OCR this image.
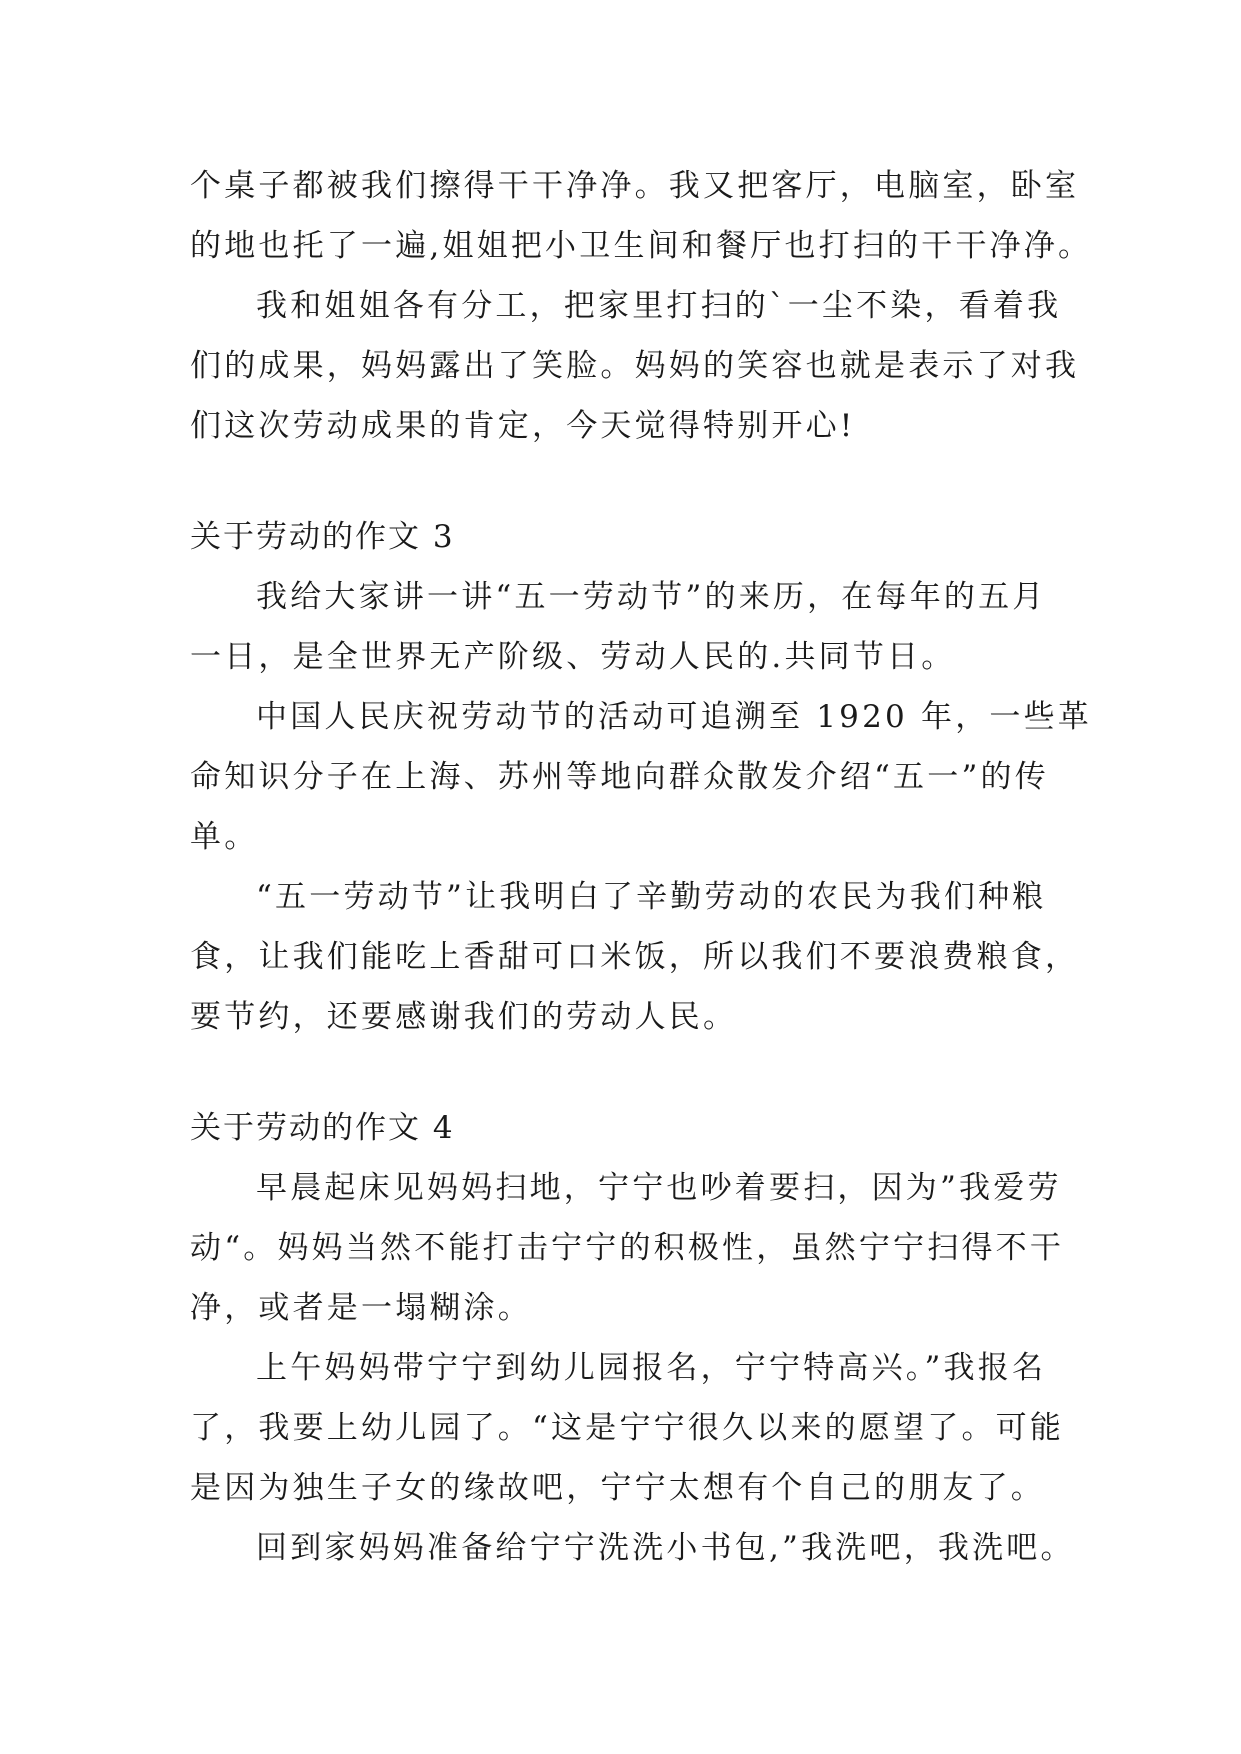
个桌子都被我们擦得干干净净。我又把客厅，电脑室，卧室

的地也托了一遍,姐姐把小卫生间和餐厅也打扫的干干净净。

我和姐姐各有分工，把家里打扫的`一尘不染，看着我

们的成果，妈妈露出了笑脸。妈妈的笑容也就是表示了对我

们这次劳动成果的肯定，今天觉得特别开心!

关于劳动的作文 3

我给大家讲一讲“五一劳动节”的来历，在每年的五月

一日，是全世界无产阶级、劳动人民的.共同节日。

中国人民庆祝劳动节的活动可追溯至 1920 年，一些革

命知识分子在上海、苏州等地向群众散发介绍“五一”的传

单。

“五一劳动节”让我明白了辛勤劳动的农民为我们种粮

食，让我们能吃上香甜可口米饭，所以我们不要浪费粮食，

要节约，还要感谢我们的劳动人民。

关于劳动的作文 4

早晨起床见妈妈扫地，宁宁也吵着要扫，因为”我爱劳

动“。妈妈当然不能打击宁宁的积极性，虽然宁宁扫得不干

净，或者是一塌糊涂。

上午妈妈带宁宁到幼儿园报名，宁宁特高兴。”我报名

了，我要上幼儿园了。“这是宁宁很久以来的愿望了。可能

是因为独生子女的缘故吧，宁宁太想有个自己的朋友了。

回到家妈妈准备给宁宁洗洗小书包,”我洗吧，我洗吧。
